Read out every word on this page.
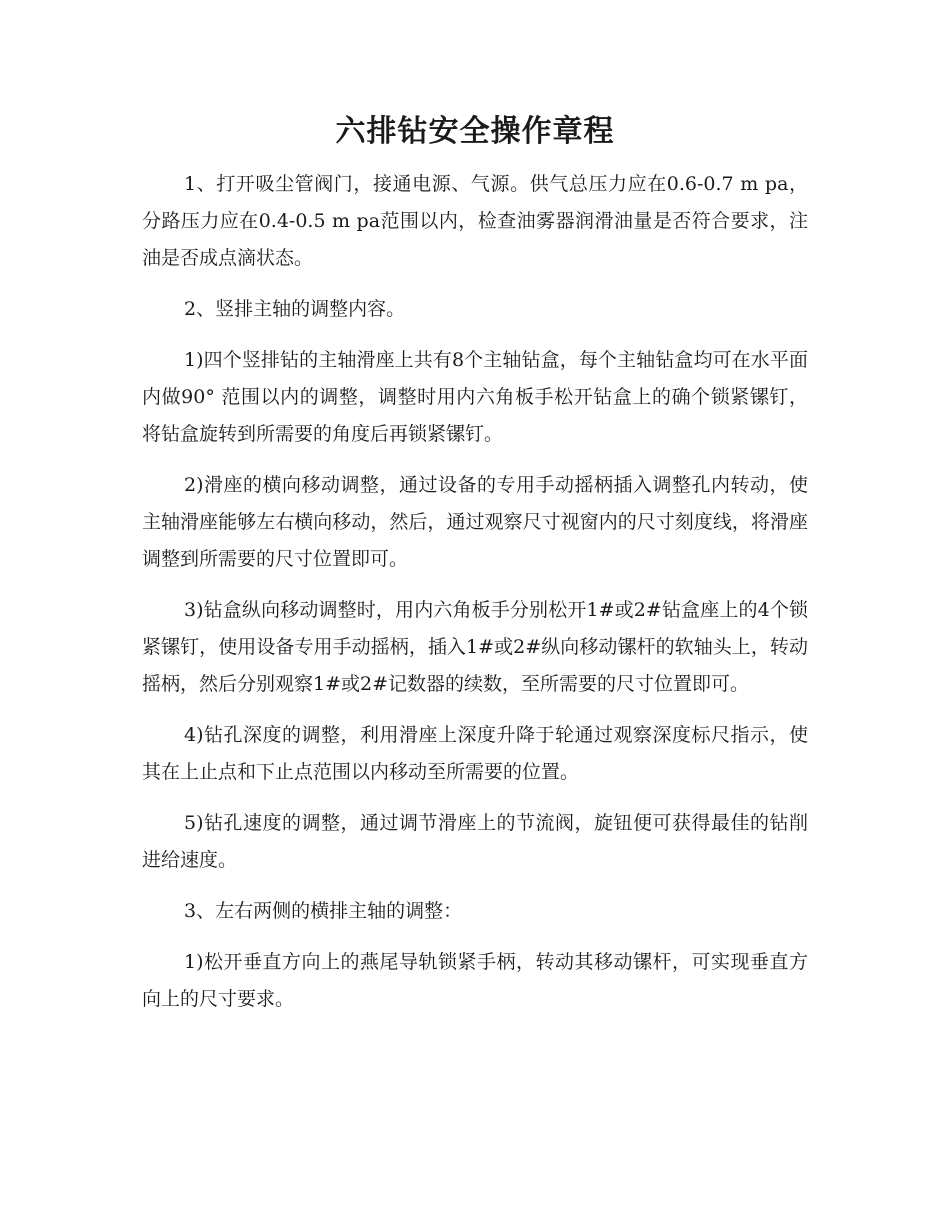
六排钻安全操作章程

1、打开吸尘管阀门，接通电源、气源。供气总压力应在0.6-0.7 m pa，分路压力应在0.4-0.5 m pa范围以内，检查油雾器润滑油量是否符合要求，注油是否成点滴状态。

2、竖排主轴的调整内容。

1)四个竖排钻的主轴滑座上共有8个主轴钻盒，每个主轴钻盒均可在水平面内做90° 范围以内的调整，调整时用内六角板手松开钻盒上的确个锁紧镙钉，将钻盒旋转到所需要的角度后再锁紧镙钉。

2)滑座的横向移动调整，通过设备的专用手动摇柄插入调整孔内转动，使主轴滑座能够左右横向移动，然后，通过观察尺寸视窗内的尺寸刻度线，将滑座调整到所需要的尺寸位置即可。

3)钻盒纵向移动调整时，用内六角板手分别松开1#或2#钻盒座上的4个锁紧镙钉，使用设备专用手动摇柄，插入1#或2#纵向移动镙杆的软轴头上，转动摇柄，然后分别观察1#或2#记数器的续数，至所需要的尺寸位置即可。

4)钻孔深度的调整，利用滑座上深度升降于轮通过观察深度标尺指示，使其在上止点和下止点范围以内移动至所需要的位置。

5)钻孔速度的调整，通过调节滑座上的节流阀，旋钮便可获得最佳的钻削进给速度。

3、左右两侧的横排主轴的调整：

1)松开垂直方向上的燕尾导轨锁紧手柄，转动其移动镙杆，可实现垂直方向上的尺寸要求。
